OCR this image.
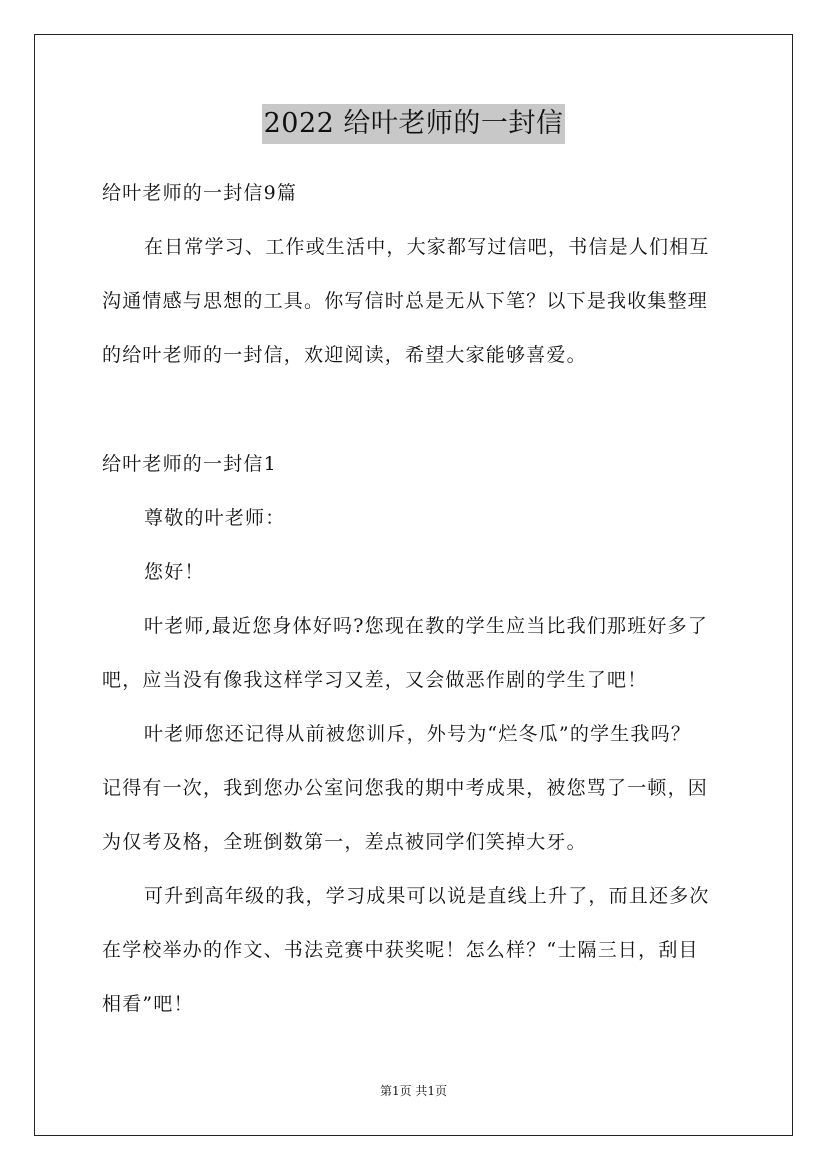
2022 给叶老师的一封信
给叶老师的一封信9篇
在日常学习、工作或生活中，大家都写过信吧，书信是人们相互
沟通情感与思想的工具。你写信时总是无从下笔？以下是我收集整理
的给叶老师的一封信，欢迎阅读，希望大家能够喜爱。
给叶老师的一封信1
尊敬的叶老师：
您好！
叶老师,最近您身体好吗?您现在教的学生应当比我们那班好多了
吧，应当没有像我这样学习又差，又会做恶作剧的学生了吧！
叶老师您还记得从前被您训斥，外号为“烂冬瓜”的学生我吗？
记得有一次，我到您办公室问您我的期中考成果，被您骂了一顿，因
为仅考及格，全班倒数第一，差点被同学们笑掉大牙。
可升到高年级的我，学习成果可以说是直线上升了，而且还多次
在学校举办的作文、书法竞赛中获奖呢！怎么样？“士隔三日，刮目
相看”吧！
第1页 共1页
